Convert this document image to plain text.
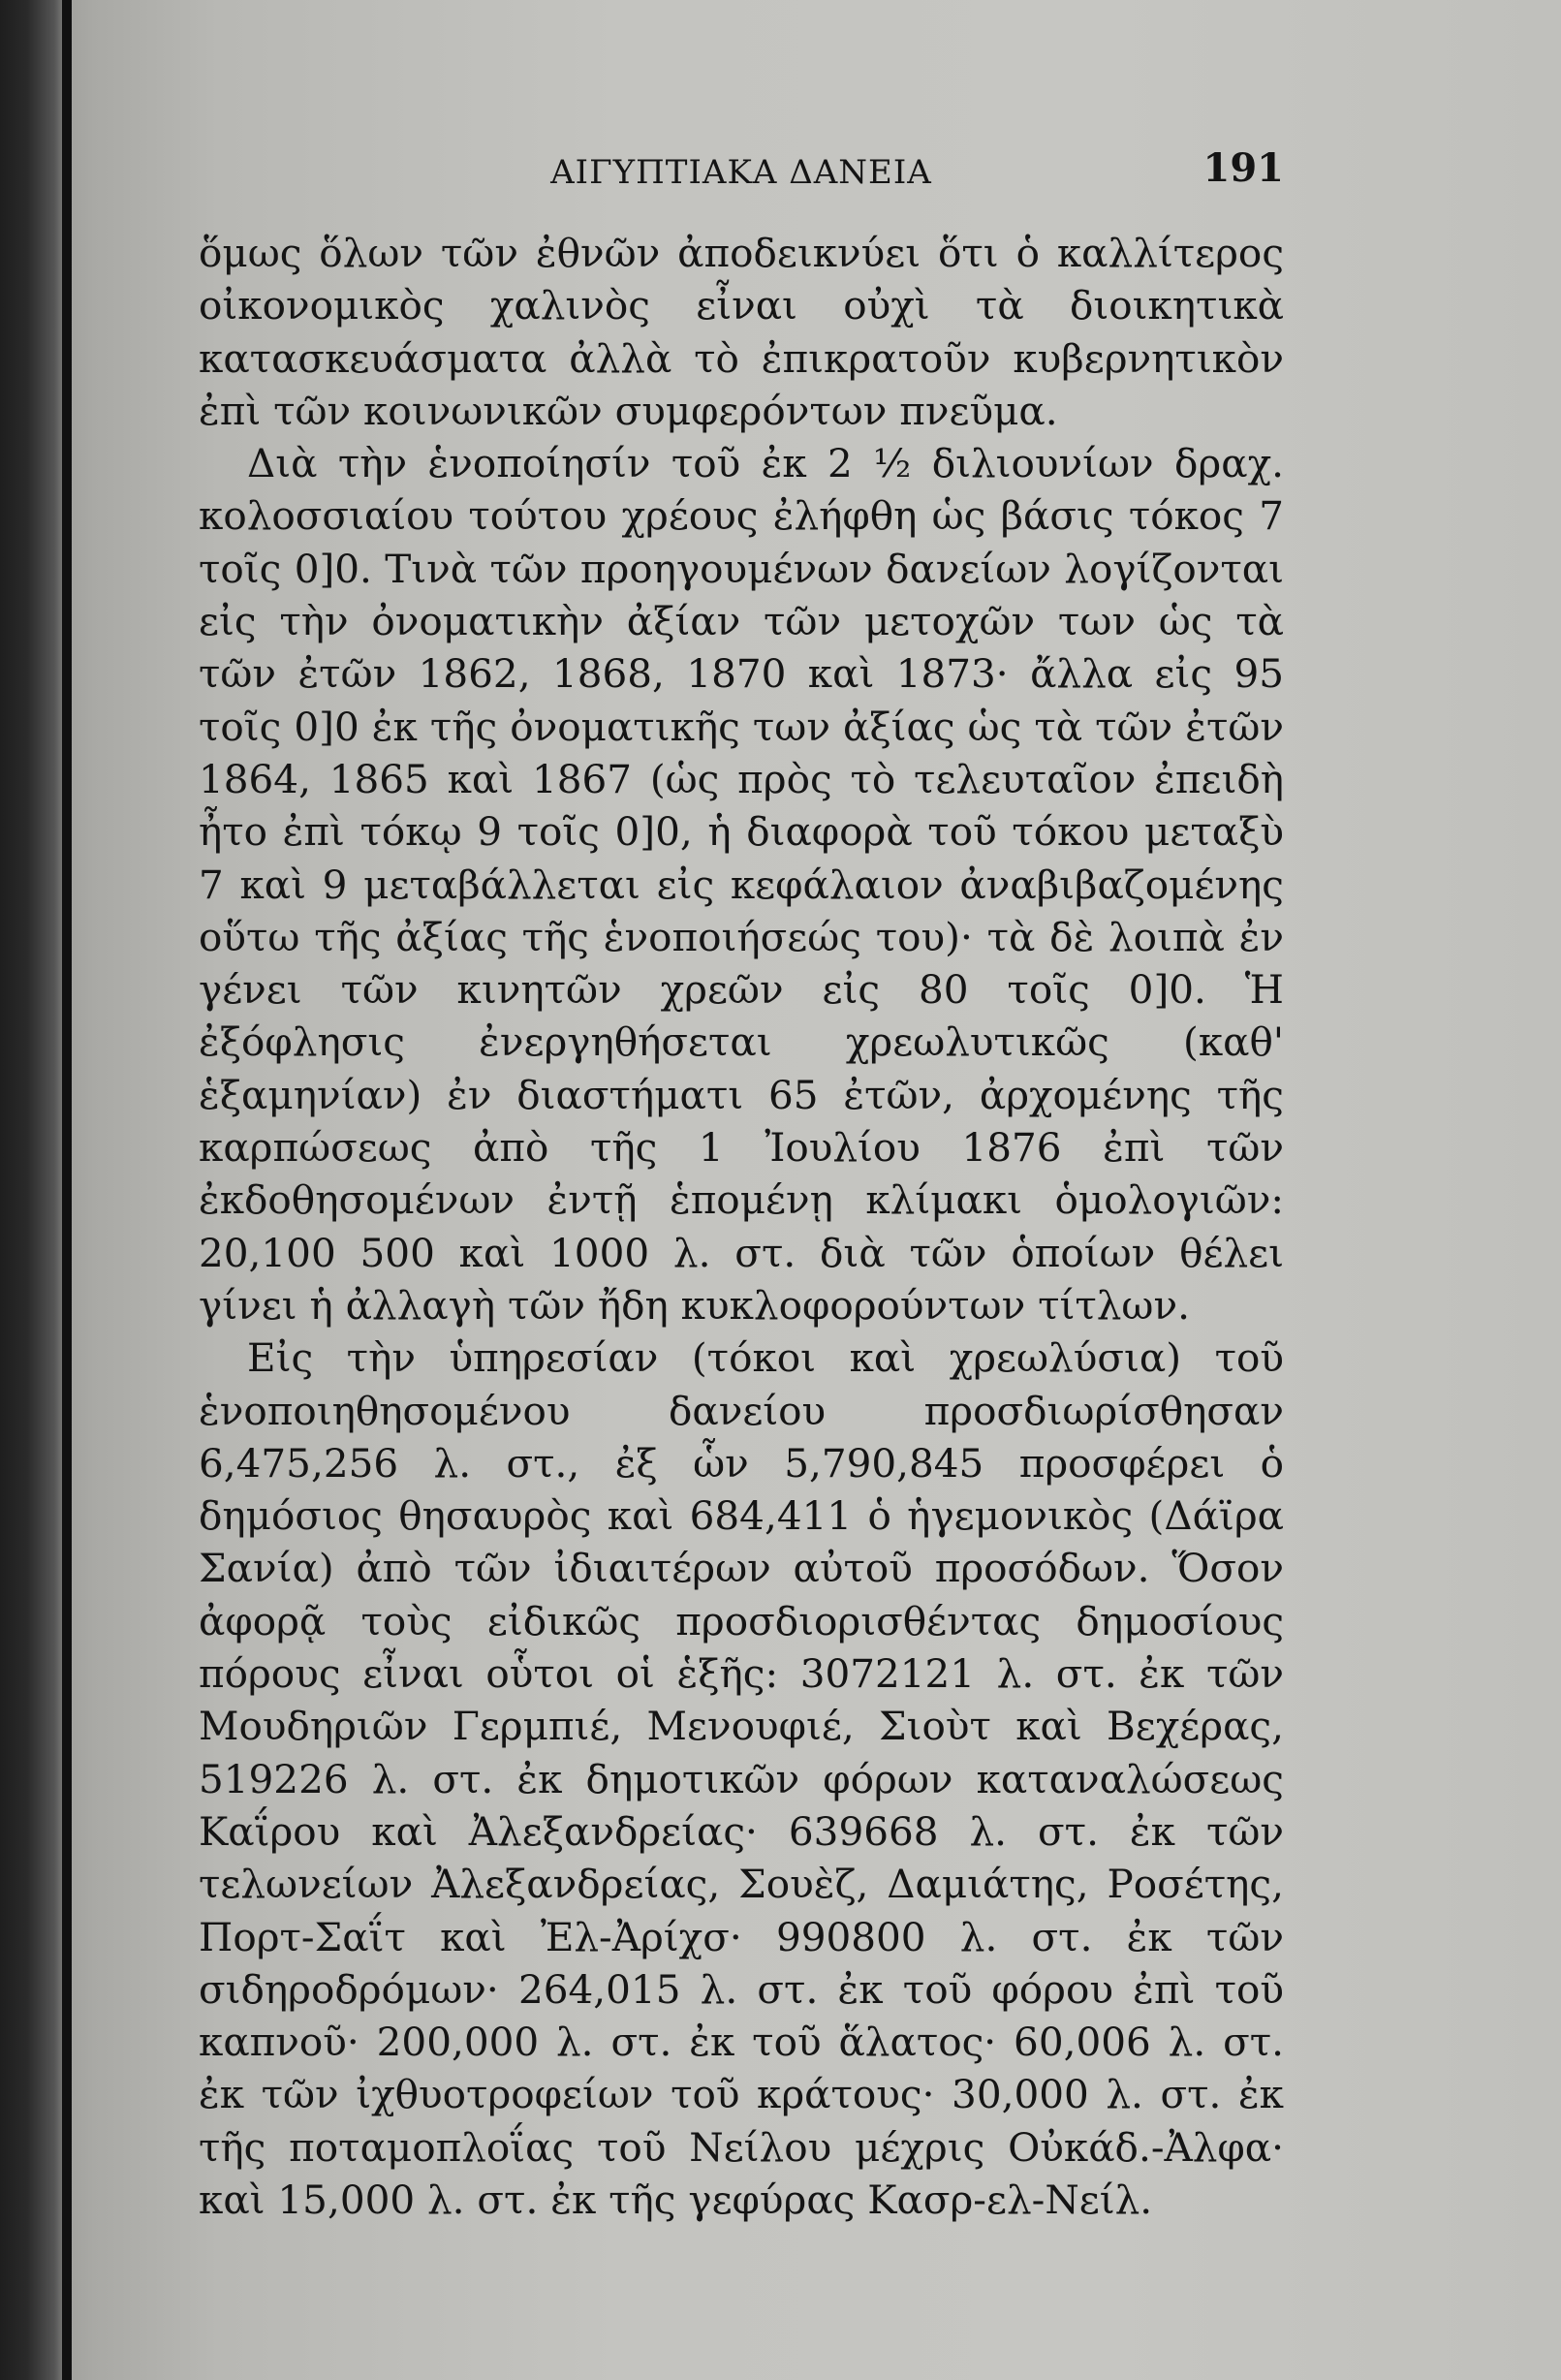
ΑΙΓΥΠΤΙΑΚΑ ΔΑΝΕΙΑ	191

ὅμως ὅλων τῶν ἐθνῶν ἀποδεικνύει ὅτι ὁ καλλίτερος οἰκονομικὸς χαλινὸς εἶναι οὐχὶ τὰ διοικητικὰ κατασκευάσματα ἀλλὰ τὸ ἐπικρατοῦν κυβερνητικὸν ἐπὶ τῶν κοινωνικῶν συμφερόντων πνεῦμα.

Διὰ τὴν ἑνοποίησίν τοῦ ἐκ 2 ½ διλιουνίων δραχ. κολοσσιαίου τούτου χρέους ἐλήφθη ὡς βάσις τόκος 7 τοῖς 0]0. Τινὰ τῶν προηγουμένων δανείων λογίζονται εἰς τὴν ὀνοματικὴν ἀξίαν τῶν μετοχῶν των ὡς τὰ τῶν ἐτῶν 1862, 1868, 1870 καὶ 1873· ἄλλα εἰς 95 τοῖς 0]0 ἐκ τῆς ὀνοματικῆς των ἀξίας ὡς τὰ τῶν ἐτῶν 1864, 1865 καὶ 1867 (ὡς πρὸς τὸ τελευταῖον ἐπειδὴ ἦτο ἐπὶ τόκῳ 9 τοῖς 0]0, ἡ διαφορὰ τοῦ τόκου μεταξὺ 7 καὶ 9 μεταβάλλεται εἰς κεφάλαιον ἀναβιβαζομένης οὕτω τῆς ἀξίας τῆς ἑνοποιήσεώς του)· τὰ δὲ λοιπὰ ἐν γένει τῶν κινητῶν χρεῶν εἰς 80 τοῖς 0]0. Ἡ ἐξόφλησις ἐνεργηθήσεται χρεωλυτικῶς (καθ' ἑξαμηνίαν) ἐν διαστήματι 65 ἐτῶν, ἀρχομένης τῆς καρπώσεως ἀπὸ τῆς 1 Ἰουλίου 1876 ἐπὶ τῶν ἐκδοθησομένων ἐντῇ ἑπομένῃ κλίμακι ὁμολογιῶν: 20,100 500 καὶ 1000 λ. στ. διὰ τῶν ὁποίων θέλει γίνει ἡ ἀλλαγὴ τῶν ἤδη κυκλοφορούντων τίτλων.

Εἰς τὴν ὑπηρεσίαν (τόκοι καὶ χρεωλύσια) τοῦ ἑνοποιηθησομένου δανείου προσδιωρίσθησαν 6,475,256 λ. στ., ἐξ ὧν 5,790,845 προσφέρει ὁ δημόσιος θησαυρὸς καὶ 684,411 ὁ ἡγεμονικὸς (Δάϊρα Σανία) ἀπὸ τῶν ἰδιαιτέρων αὐτοῦ προσόδων. Ὅσον ἀφορᾷ τοὺς εἰδικῶς προσδιορισθέντας δημοσίους πόρους εἶναι οὗτοι οἱ ἑξῆς: 3072121 λ. στ. ἐκ τῶν Μουδηριῶν Γερμπιέ, Μενουφιέ, Σιοὺτ καὶ Βεχέρας, 519226 λ. στ. ἐκ δημοτικῶν φόρων καταναλώσεως Καΐρου καὶ Ἀλεξανδρείας· 639668 λ. στ. ἐκ τῶν τελωνείων Ἀλεξανδρείας, Σουὲζ, Δαμιάτης, Ροσέτης, Πορτ-Σαΐτ καὶ Ἐλ-Ἀρίχσ· 990800 λ. στ. ἐκ τῶν σιδηροδρόμων· 264,015 λ. στ. ἐκ τοῦ φόρου ἐπὶ τοῦ καπνοῦ· 200,000 λ. στ. ἐκ τοῦ ἅλατος· 60,006 λ. στ. ἐκ τῶν ἰχθυοτροφείων τοῦ κράτους· 30,000 λ. στ. ἐκ τῆς ποταμοπλοΐας τοῦ Νείλου μέχρις Οὐκάδ.-Ἀλφα· καὶ 15,000 λ. στ. ἐκ τῆς γεφύρας Κασρ-ελ-Νείλ.
